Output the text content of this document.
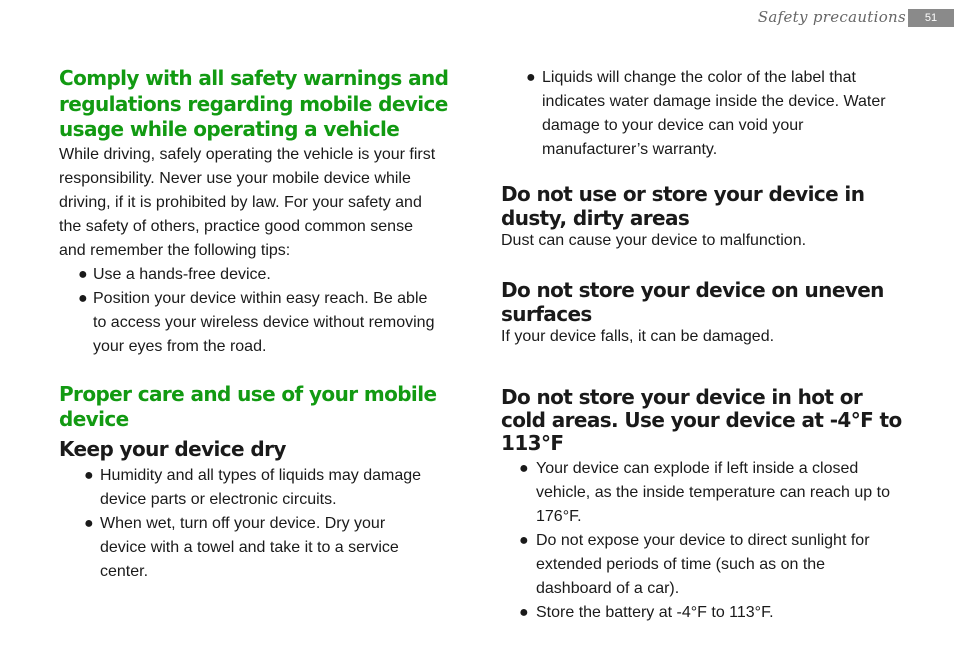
Safety precautions	51
Comply with all safety warnings and regulations regarding mobile device usage while operating a vehicle

While driving, safely operating the vehicle is your first responsibility. Never use your mobile device while driving, if it is prohibited by law. For your safety and the safety of others, practice good common sense and remember the following tips:

● Use a hands-free device.
● Position your device within easy reach. Be able to access your wireless device without removing your eyes from the road.
Proper care and use of your mobile device
Keep your device dry
● Humidity and all types of liquids may damage device parts or electronic circuits.
● When wet, turn off your device. Dry your device with a towel and take it to a service center.
● Liquids will change the color of the label that indicates water damage inside the device. Water damage to your device can void your manufacturer’s warranty.
Do not use or store your device in dusty, dirty areas

Dust can cause your device to malfunction.

Do not store your device on uneven surfaces

If your device falls, it can be damaged.

Do not store your device in hot or cold areas. Use your device at -4°F to 113°F
● Your device can explode if left inside a closed vehicle, as the inside temperature can reach up to 176°F.
● Do not expose your device to direct sunlight for extended periods of time (such as on the dashboard of a car).
● Store the battery at -4°F to 113°F.
